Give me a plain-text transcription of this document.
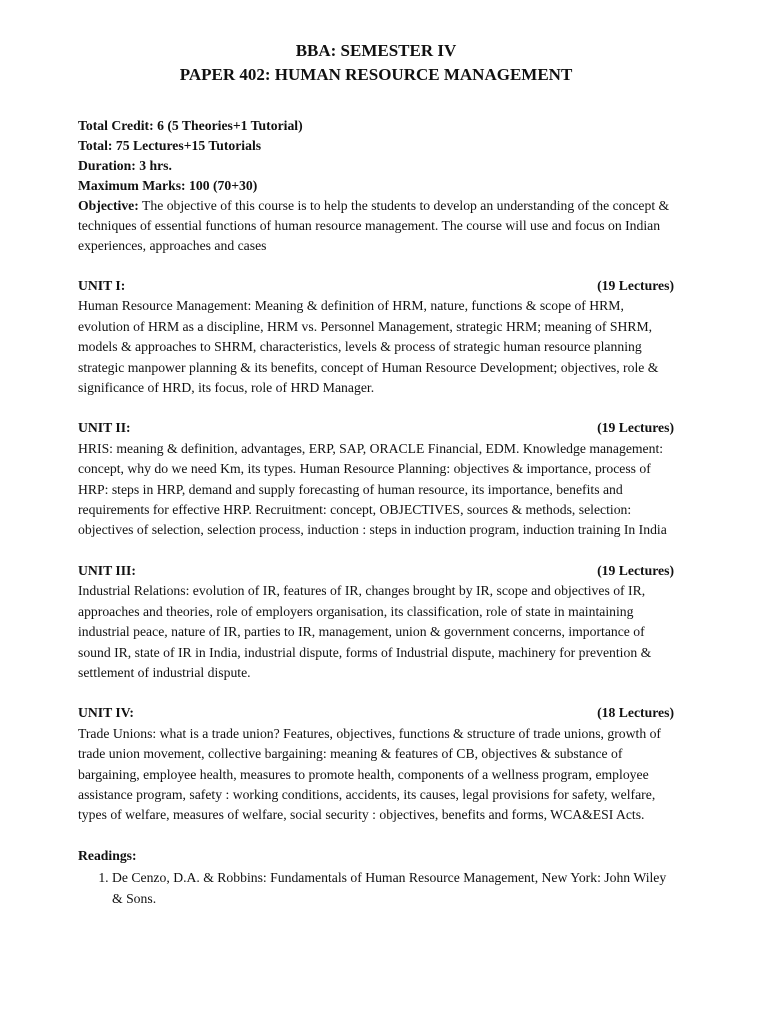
BBA: SEMESTER IV

PAPER 402: HUMAN RESOURCE MANAGEMENT

Total Credit: 6 (5 Theories+1 Tutorial)
Total: 75 Lectures+15 Tutorials
Duration: 3 hrs.
Maximum Marks: 100 (70+30)
Objective: The objective of this course is to help the students to develop an understanding of the concept & techniques of essential functions of human resource management. The course will use and focus on Indian experiences, approaches and cases
UNIT I:	(19 Lectures)

Human Resource Management: Meaning & definition of HRM, nature, functions & scope of HRM, evolution of HRM as a discipline, HRM vs. Personnel Management, strategic HRM; meaning of SHRM, models & approaches to SHRM, characteristics, levels & process of strategic human resource planning strategic manpower planning & its benefits, concept of Human Resource Development; objectives, role & significance of HRD, its focus, role of HRD Manager.

UNIT II:	(19 Lectures)

HRIS: meaning & definition, advantages, ERP, SAP, ORACLE Financial, EDM. Knowledge management: concept, why do we need Km, its types. Human Resource Planning: objectives & importance, process of HRP: steps in HRP, demand and supply forecasting of human resource, its importance, benefits and requirements for effective HRP. Recruitment: concept, OBJECTIVES, sources & methods, selection: objectives of selection, selection process, induction : steps in induction program, induction training In India

UNIT III:	(19 Lectures)

Industrial Relations: evolution of IR, features of IR, changes brought by IR, scope and objectives of IR, approaches and theories, role of employers organisation, its classification, role of state in maintaining industrial peace, nature of IR, parties to IR, management, union & government concerns, importance of sound IR, state of IR in India, industrial dispute, forms of Industrial dispute, machinery for prevention & settlement of industrial dispute.

UNIT IV:	(18 Lectures)

Trade Unions: what is a trade union? Features, objectives, functions & structure of trade unions, growth of trade union movement, collective bargaining: meaning & features of CB, objectives & substance of bargaining, employee health, measures to promote health, components of a wellness program, employee assistance program, safety : working conditions, accidents, its causes, legal provisions for safety, welfare, types of welfare, measures of welfare, social security : objectives, benefits and forms, WCA&ESI Acts.

Readings:
1. De Cenzo, D.A. & Robbins: Fundamentals of Human Resource Management, New York: John Wiley & Sons.
